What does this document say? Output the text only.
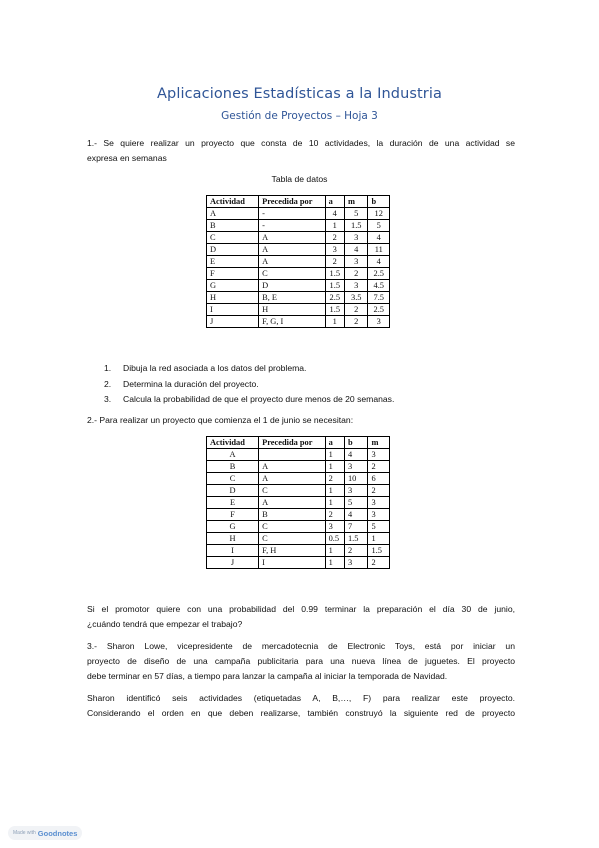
Aplicaciones Estadísticas a la Industria
Gestión de Proyectos – Hoja 3
1.- Se quiere realizar un proyecto que consta de 10 actividades, la duración de una actividad se
expresa en semanas
Tabla de datos
Actividad	Precedida por	a	m	b
A	-	4	5	12
B	-	1	1.5	5
C	A	2	3	4
D	A	3	4	11
E	A	2	3	4
F	C	1.5	2	2.5
G	D	1.5	3	4.5
H	B, E	2.5	3.5	7.5
I	H	1.5	2	2.5
J	F, G, I	1	2	3
1. Dibuja la red asociada a los datos del problema.
2. Determina la duración del proyecto.
3. Calcula la probabilidad de que el proyecto dure menos de 20 semanas.
2.- Para realizar un proyecto que comienza el 1 de junio se necesitan:
Actividad	Precedida por	a	b	m
A		1	4	3
B	A	1	3	2
C	A	2	10	6
D	C	1	3	2
E	A	1	5	3
F	B	2	4	3
G	C	3	7	5
H	C	0.5	1.5	1
I	F, H	1	2	1.5
J	I	1	3	2
Si el promotor quiere con una probabilidad del 0.99 terminar la preparación el día 30 de junio,
¿cuándo tendrá que empezar el trabajo?
3.- Sharon Lowe, vicepresidente de mercadotecnia de Electronic Toys, está por iniciar un
proyecto de diseño de una campaña publicitaria para una nueva línea de juguetes. El proyecto
debe terminar en 57 días, a tiempo para lanzar la campaña al iniciar la temporada de Navidad.
Sharon identificó seis actividades (etiquetadas A, B,…, F) para realizar este proyecto.
Considerando el orden en que deben realizarse, también construyó la siguiente red de proyecto
Made with Goodnotes
